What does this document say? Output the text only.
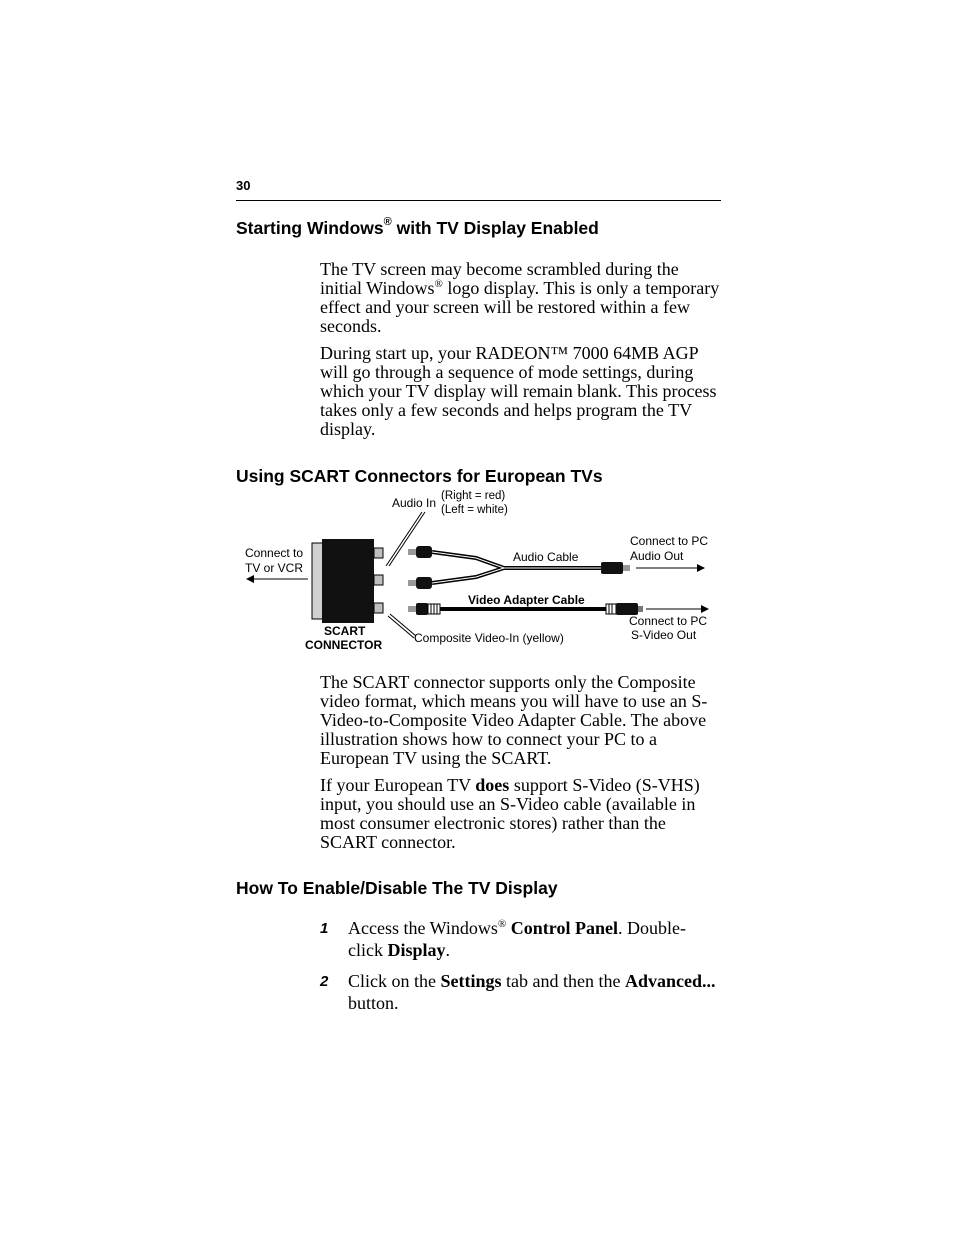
30
Starting Windows® with TV Display Enabled

The TV screen may become scrambled during the initial Windows® logo display. This is only a temporary effect and your screen will be restored within a few seconds.

During start up, your RADEON™ 7000 64MB AGP will go through a sequence of mode settings, during which your TV display will remain blank. This process takes only a few seconds and helps program the TV display.

Using SCART Connectors for European TVs
Audio In (Right = red)
(Left = white)
Connect to
TV or VCR
Audio Cable
Connect to PC
Audio Out
Video Adapter Cable
Connect to PC
S-Video Out
SCART
CONNECTOR	Composite Video-In (yellow)

The SCART connector supports only the Composite video format, which means you will have to use an S-Video-to-Composite Video Adapter Cable. The above illustration shows how to connect your PC to a European TV using the SCART.

If your European TV does support S-Video (S-VHS) input, you should use an S-Video cable (available in most consumer electronic stores) rather than the SCART connector.

How To Enable/Disable The TV Display
1 Access the Windows® Control Panel. Double-click Display.
2 Click on the Settings tab and then the Advanced... button.
